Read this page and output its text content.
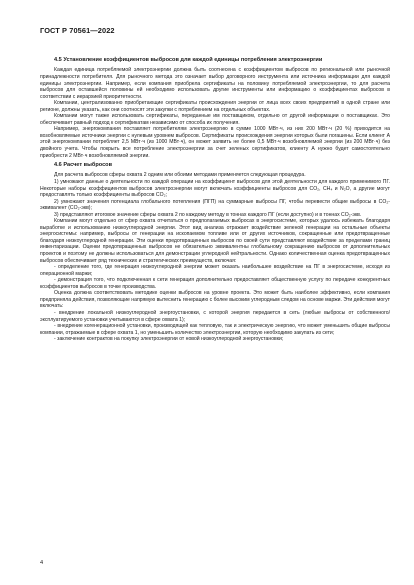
ГОСТ Р 70561—2022
4.5 Установление коэффициентов выбросов для каждой единицы потребления электроэнергии

Каждая единица потребляемой электроэнергии должна быть соотнесена с коэффициентом выбросов по региональной или рыночной принадлежности потребителя. Для рыночного метода это означает выбор договорного инструмента или источника информации для каждой единицы электроэнергии. Например, если компания приобрела сертификаты на половину потребляемой электроэнергии, то для расчета выбросов для оставшейся половины ей необходимо использовать другие инструменты или информацию о коэффициентах выбросов в соответствии с иерархией приоритетности.

Компании, централизованно приобретающие сертификаты происхождения энергии от лица всех своих предприятий в одной стране или регионе, должны указать, как они соотносят эти закупки с потреблением на отдельных объектах.

Компании могут также использовать сертификаты, переданные им поставщиком, отдельно от другой информации о поставщиках. Это обеспечивает равный подход к сертификатам независимо от способа их получения.

Например, энергокомпания поставляет потребителям электроэнергию в сумме 1000 МВт·ч, из них 200 МВт·ч (20 %) приходится на возобновляемые источники энергии с нулевым уровнем выбросов. Сертификаты происхождения энергии которых были погашены. Если клиент А этой энергокомпании потребляет 2,5 МВт·ч (из 1000 МВт·ч), он может заявить не более 0,5 МВт·ч возобновляемой энергии (из 200 МВт·ч) без двойного учета. Чтобы покрыть все потребление электроэнергии за счет зеленых сертификатов, клиенту А нужно будет самостоятельно приобрести 2 МВт·ч возобновляемой энергии.

4.6 Расчет выбросов

Для расчета выбросов сферы охвата 2 одним или обоими методами применяется следующая процедура.

1) умножают данные о деятельности по каждой операции на коэффициент выбросов для этой деятельности для каждого применимого ПГ. Некоторые наборы коэффициентов выбросов электроэнергии могут включать коэффициенты выбросов для CO₂, CH₄ и N₂O, а другие могут предоставлять только коэффициенты выбросов CO₂;

2) умножают значения потенциала глобального потепления (ПГП) на суммарные выбросы ПГ, чтобы перевести общие выбросы в CO₂-эквивалент (CO₂-экв);

3) представляют итоговое значение сферы охвата 2 по каждому методу в тоннах каждого ПГ (если доступно) и в тоннах CO₂-экв.

Компании могут отдельно от сфер охвата отчитаться о предполагаемых выбросах в энергосистеме, которых удалось избежать благодаря выработке и использованию низкоуглеродной энергии. Этот вид анализа отражает воздействие зеленой генерации на остальные объекты энергосистемы: например, выбросы от генерации на ископаемом топливе или от других источников, сокращенные или предотвращенные благодаря низкоуглеродной генерации. Эти оценки предотвращенных выбросов по своей сути представляют воздействие за пределами границ инвентаризации. Оценки предотвращенных выбросов не обязательно эквивалентны глобальному сокращению выбросов от дополнительных проектов и поэтому не должны использоваться для демонстрации углеродной нейтральности. Однако количественная оценка предотвращенных выбросов обеспечивает ряд технических и стратегических преимуществ, включая:

- определение того, где генерация низкоуглеродной энергии может оказать наибольшее воздействие на ПГ в энергосистеме, исходя из операционной маржи;

- демонстрация того, что подключенная к сети генерация дополнительно предоставляет общественную услугу по передаче конкурентных коэффициентов выбросов в точке производства.

Оценка должна соответствовать методике оценки выбросов на уровне проекта. Это может быть наиболее эффективно, если компания предприняла действия, позволяющие напрямую вытеснить генерацию с более высоким углеродным следом на основе маржи. Эти действия могут включать:

- внедрение локальной низкоуглеродной энергоустановки, с которой энергия передается в сеть (любые выбросы от собственного/эксплуатируемого установки учитываются в сфере охвата 1);

- внедрение когенерационной установки, производящей как тепловую, так и электрическую энергию, что может уменьшить общие выбросы компании, отражаемые в сфере охвата 1, но уменьшить количество электроэнергии, которую необходимо закупать из сети;

- заключение контрактов на покупку электроэнергии от новой низкоуглеродной энергоустановки;

4
